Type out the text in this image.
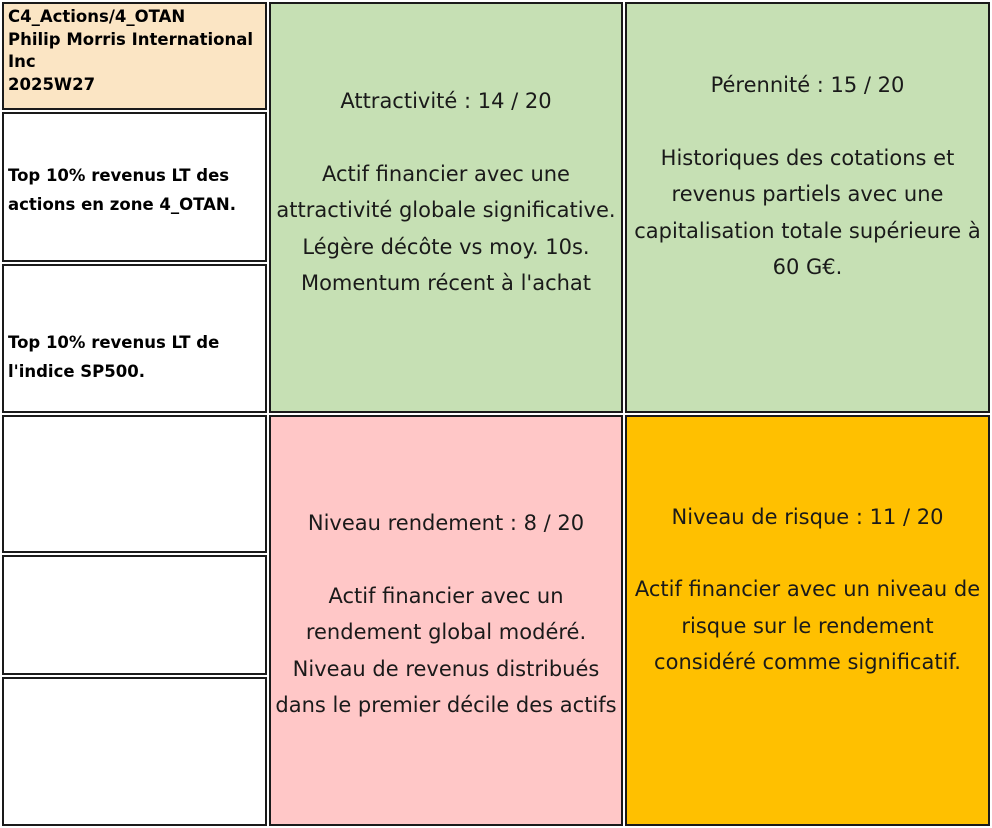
C4_Actions/4_OTAN
Philip Morris International
Inc
2025W27
Top 10% revenus LT des actions en zone 4_OTAN.
Top 10% revenus LT de l'indice SP500.
Attractivité : 14 / 20
Actif financier avec une attractivité globale significative. Légère décôte vs moy. 10s. Momentum récent à l'achat
Pérennité : 15 / 20
Historiques des cotations et revenus partiels avec une capitalisation totale supérieure à 60 G€.
Niveau rendement : 8 / 20
Actif financier avec un rendement global modéré. Niveau de revenus distribués dans le premier décile des actifs
Niveau de risque : 11 / 20
Actif financier avec un niveau de risque sur le rendement considéré comme significatif.
